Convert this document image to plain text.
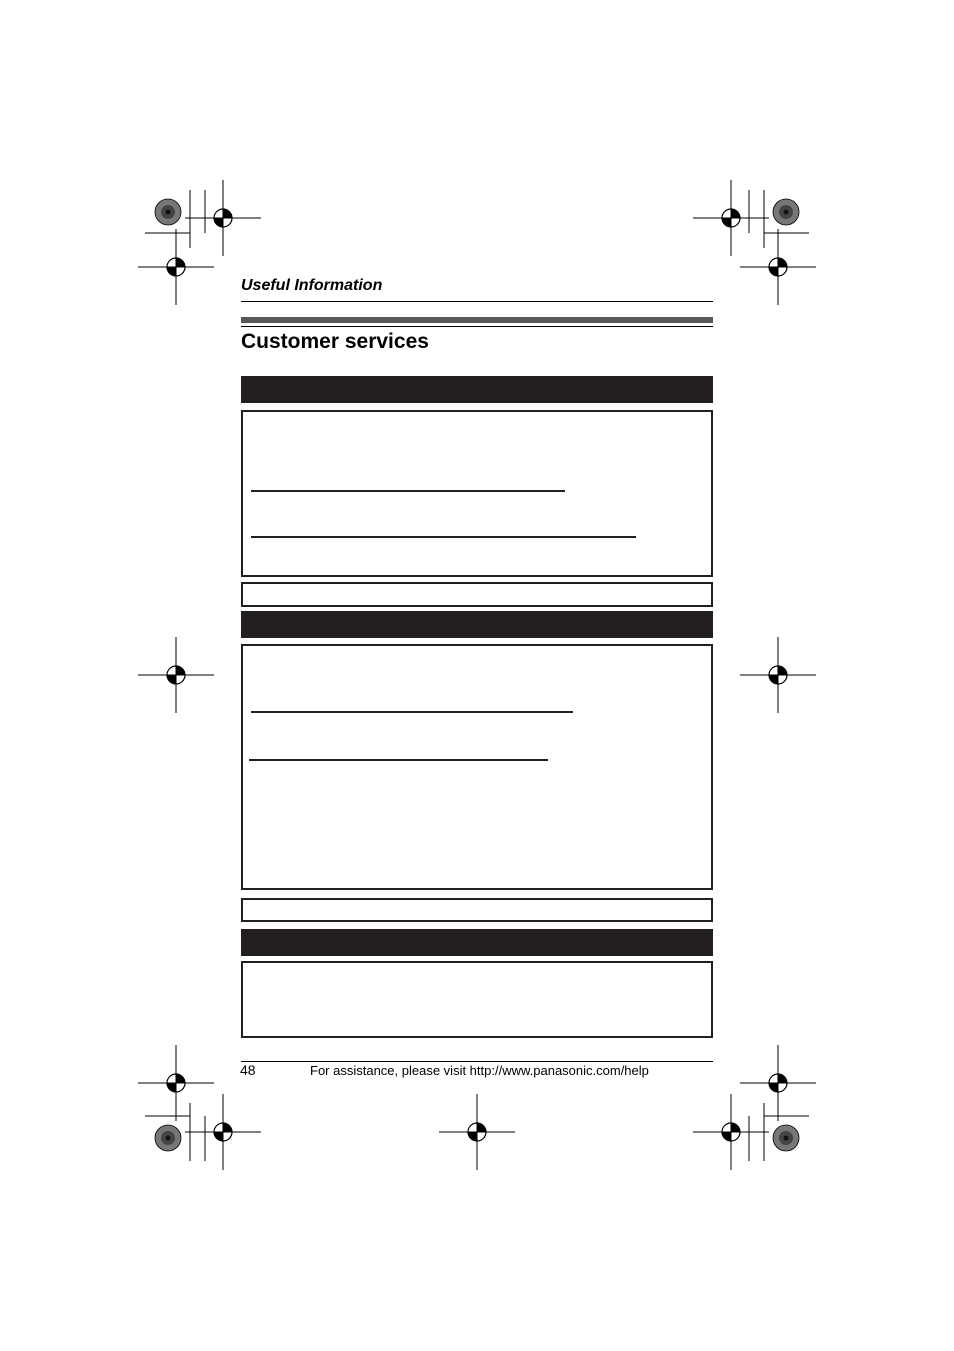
Useful Information
Customer services
48	For assistance, please visit http://www.panasonic.com/help
